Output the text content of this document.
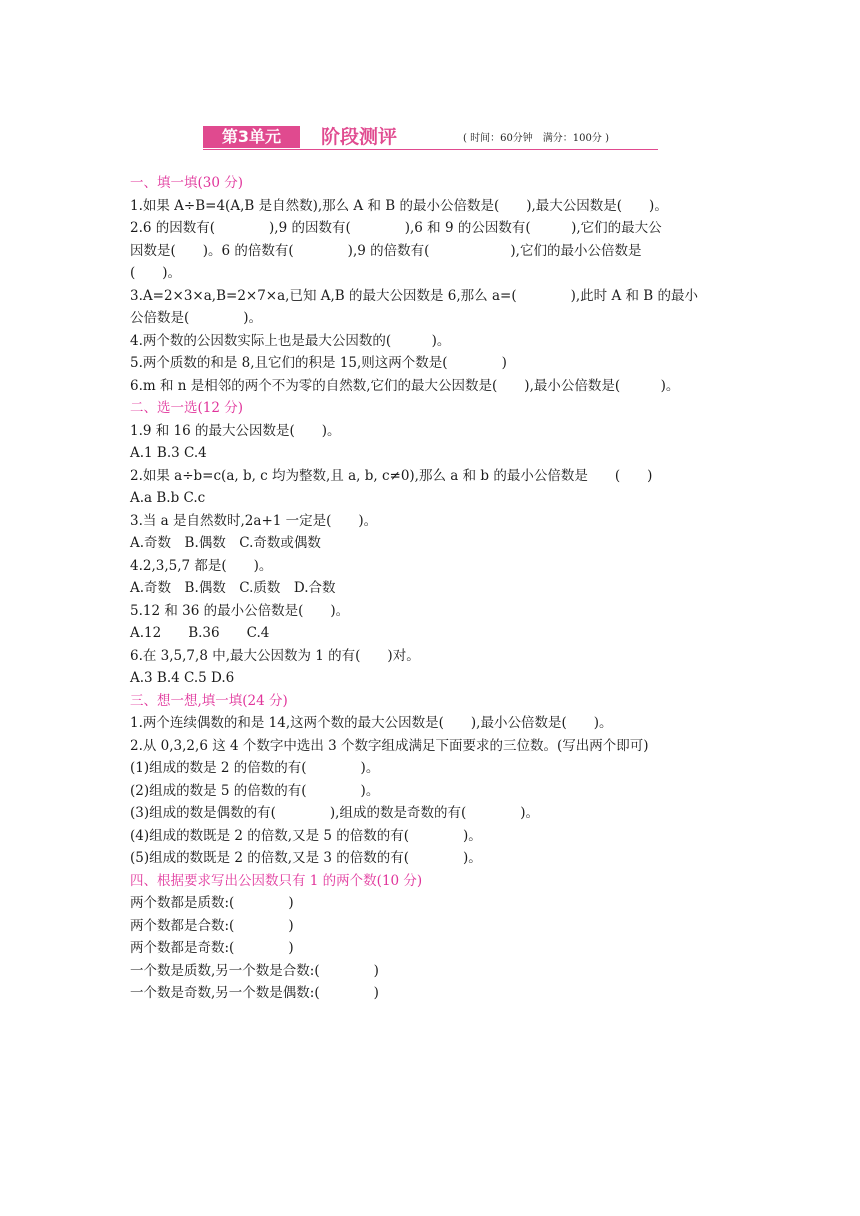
第3单元	阶段测评	( 时间：60分钟　满分：100分 )
一、填一填(30 分)
1.如果 A÷B=4(A,B 是自然数),那么 A 和 B 的最小公倍数是(　　),最大公因数是(　　)。
2.6 的因数有(　　　　),9 的因数有(　　　　),6 和 9 的公因数有(　　　),它们的最大公
因数是(　　)。6 的倍数有(　　　　),9 的倍数有(　　　　　　),它们的最小公倍数是
(　　)。
3.A=2×3×a,B=2×7×a,已知 A,B 的最大公因数是 6,那么 a=(　　　　),此时 A 和 B 的最小
公倍数是(　　　　)。
4.两个数的公因数实际上也是最大公因数的(　　　)。
5.两个质数的和是 8,且它们的积是 15,则这两个数是(　　　　)
6.m 和 n 是相邻的两个不为零的自然数,它们的最大公因数是(　　),最小公倍数是(　　　)。
二、选一选(12 分)
1.9 和 16 的最大公因数是(　　)。
A.1 B.3 C.4
2.如果 a÷b=c(a, b, c 均为整数,且 a, b, c≠0),那么 a 和 b 的最小公倍数是　　(　　)
A.a B.b C.c
3.当 a 是自然数时,2a+1 一定是(　　)。
A.奇数　B.偶数　C.奇数或偶数
4.2,3,5,7 都是(　　)。
A.奇数　B.偶数　C.质数　D.合数
5.12 和 36 的最小公倍数是(　　)。
A.12　　B.36　　C.4
6.在 3,5,7,8 中,最大公因数为 1 的有(　　)对。
A.3 B.4 C.5 D.6
三、想一想,填一填(24 分)
1.两个连续偶数的和是 14,这两个数的最大公因数是(　　),最小公倍数是(　　)。
2.从 0,3,2,6 这 4 个数字中选出 3 个数字组成满足下面要求的三位数。(写出两个即可)
(1)组成的数是 2 的倍数的有(　　　　)。
(2)组成的数是 5 的倍数的有(　　　　)。
(3)组成的数是偶数的有(　　　　),组成的数是奇数的有(　　　　)。
(4)组成的数既是 2 的倍数,又是 5 的倍数的有(　　　　)。
(5)组成的数既是 2 的倍数,又是 3 的倍数的有(　　　　)。
四、根据要求写出公因数只有 1 的两个数(10 分)
两个数都是质数:(　　　　)
两个数都是合数:(　　　　)
两个数都是奇数:(　　　　)
一个数是质数,另一个数是合数:(　　　　)
一个数是奇数,另一个数是偶数:(　　　　)
